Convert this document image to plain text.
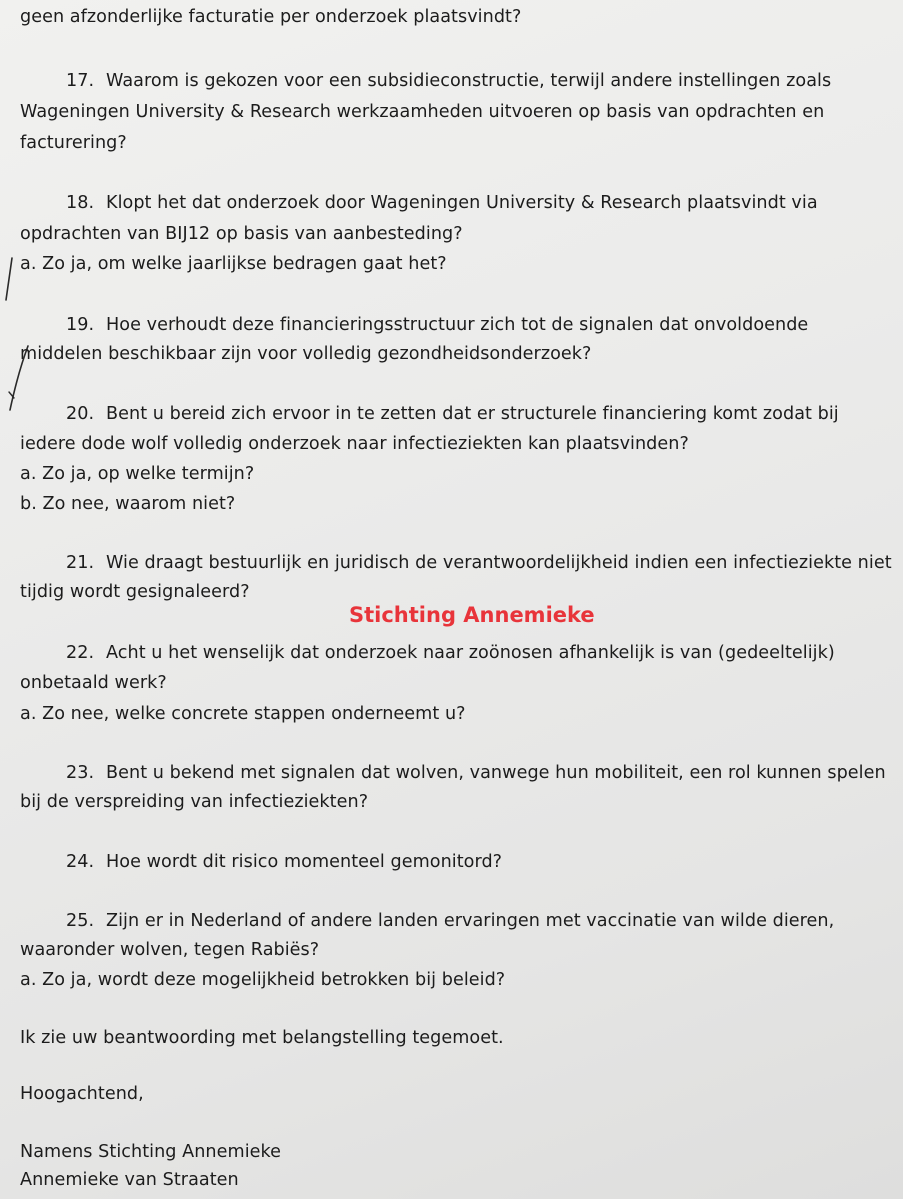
geen afzonderlijke facturatie per onderzoek plaatsvindt?
17. Waarom is gekozen voor een subsidieconstructie, terwijl andere instellingen zoals
Wageningen University & Research werkzaamheden uitvoeren op basis van opdrachten en
facturering?
18. Klopt het dat onderzoek door Wageningen University & Research plaatsvindt via
opdrachten van BIJ12 op basis van aanbesteding?
a. Zo ja, om welke jaarlijkse bedragen gaat het?
19. Hoe verhoudt deze financieringsstructuur zich tot de signalen dat onvoldoende
middelen beschikbaar zijn voor volledig gezondheidsonderzoek?
20. Bent u bereid zich ervoor in te zetten dat er structurele financiering komt zodat bij
iedere dode wolf volledig onderzoek naar infectieziekten kan plaatsvinden?
a. Zo ja, op welke termijn?
b. Zo nee, waarom niet?
21. Wie draagt bestuurlijk en juridisch de verantwoordelijkheid indien een infectieziekte niet
tijdig wordt gesignaleerd?
Stichting Annemieke
22. Acht u het wenselijk dat onderzoek naar zoönosen afhankelijk is van (gedeeltelijk)
onbetaald werk?
a. Zo nee, welke concrete stappen onderneemt u?
23. Bent u bekend met signalen dat wolven, vanwege hun mobiliteit, een rol kunnen spelen
bij de verspreiding van infectieziekten?
24. Hoe wordt dit risico momenteel gemonitord?
25. Zijn er in Nederland of andere landen ervaringen met vaccinatie van wilde dieren,
waaronder wolven, tegen Rabiës?
a. Zo ja, wordt deze mogelijkheid betrokken bij beleid?
Ik zie uw beantwoording met belangstelling tegemoet.
Hoogachtend,
Namens Stichting Annemieke
Annemieke van Straaten
